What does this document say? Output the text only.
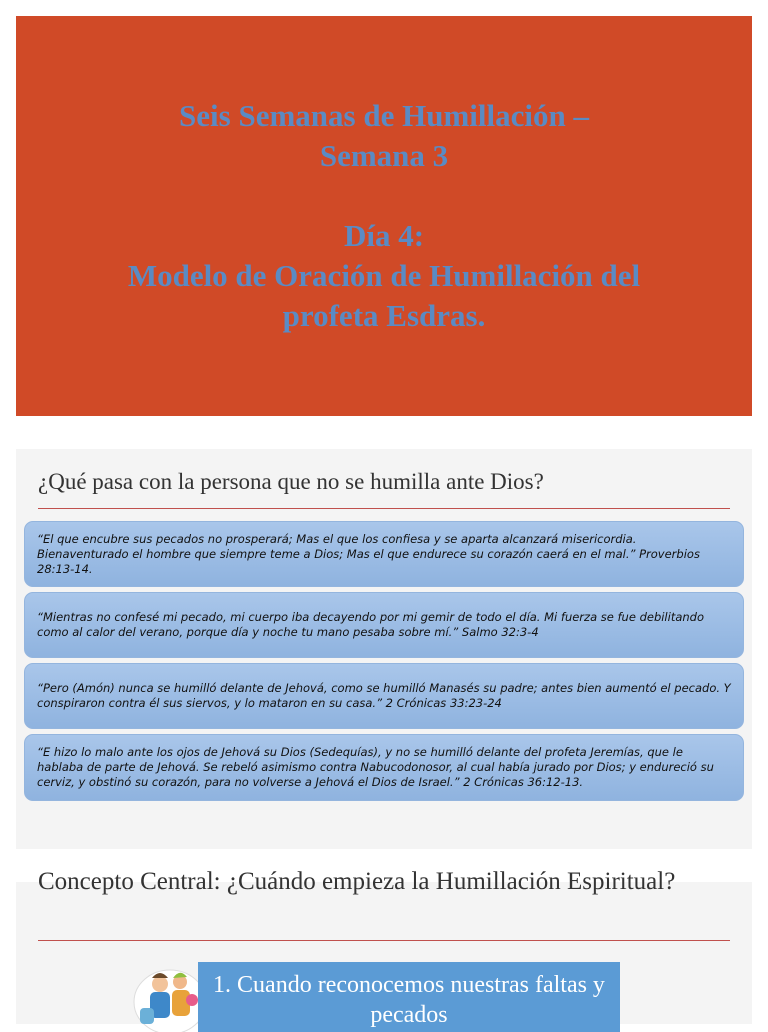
Seis Semanas de Humillación –
Semana 3
Día 4:
Modelo de Oración de Humillación del
profeta Esdras.
¿Qué pasa con la persona que no se humilla ante Dios?
“El que encubre sus pecados no prosperará; Mas el que los confiesa y se aparta alcanzará misericordia. Bienaventurado el hombre que siempre teme a Dios; Mas el que endurece su corazón caerá en el mal.” Proverbios 28:13-14.
“Mientras no confesé mi pecado, mi cuerpo iba decayendo por mi gemir de todo el día. Mi fuerza se fue debilitando como al calor del verano, porque día y noche tu mano pesaba sobre mí.” Salmo 32:3-4
“Pero (Amón) nunca se humilló delante de Jehová, como se humilló Manasés su padre; antes bien aumentó el pecado. Y conspiraron contra él sus siervos, y lo mataron en su casa.” 2 Crónicas 33:23-24
“E hizo lo malo ante los ojos de Jehová su Dios (Sedequías), y no se humilló delante del profeta Jeremías, que le hablaba de parte de Jehová. Se rebeló asimismo contra Nabucodonosor, al cual había jurado por Dios; y endureció su cerviz, y obstinó su corazón, para no volverse a Jehová el Dios de Israel.” 2 Crónicas 36:12-13.
Concepto Central: ¿Cuándo empieza la Humillación Espiritual?
1. Cuando reconocemos nuestras faltas y pecados
